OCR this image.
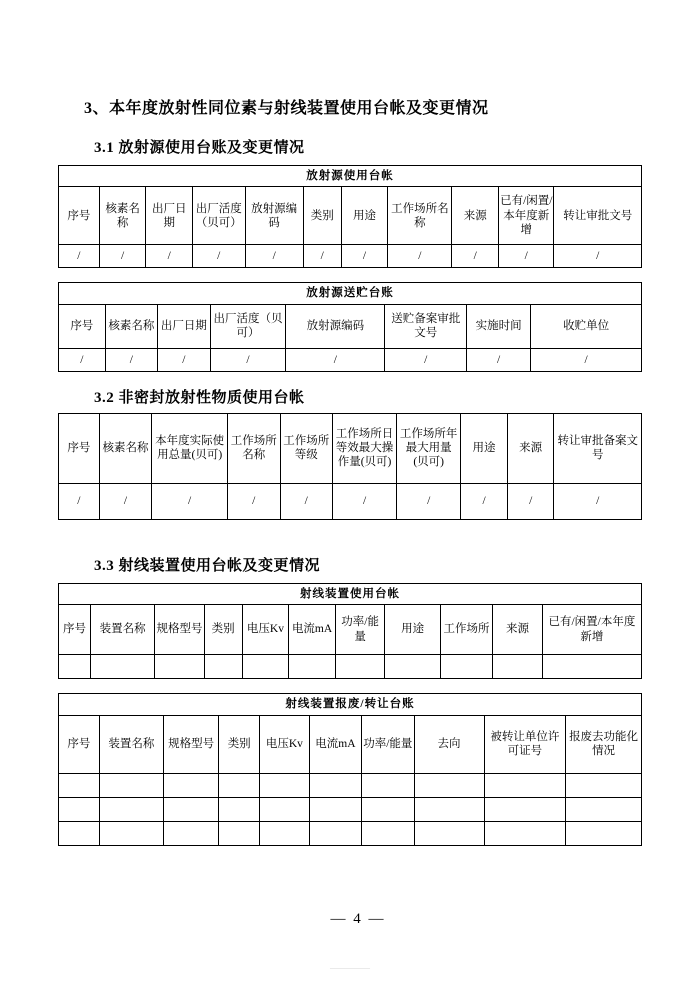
3、本年度放射性同位素与射线装置使用台帐及变更情况
3.1 放射源使用台账及变更情况
放射源使用台帐										
序号	核素名称	出厂日期	出厂活度（贝可）	放射源编码	类别	用途	工作场所名称	来源	已有/闲置/本年度新增	转让审批文号
/	/	/	/	/	/	/	/	/	/	/
放射源送贮台账							
序号	核素名称	出厂日期	出厂活度（贝可）	放射源编码	送贮备案审批文号	实施时间	收贮单位
/	/	/	/	/	/	/	/
3.2 非密封放射性物质使用台帐
序号	核素名称	本年度实际使用总量(贝可)	工作场所名称	工作场所等级	工作场所日等效最大操作量(贝可)	工作场所年最大用量(贝可)	用途	来源	转让审批备案文号
/	/	/	/	/	/	/	/	/	/
3.3 射线装置使用台帐及变更情况
射线装置使用台帐										
序号	装置名称	规格型号	类别	电压Kv	电流mA	功率/能量	用途	工作场所	来源	已有/闲置/本年度新增

射线装置报废/转让台账									
序号	装置名称	规格型号	类别	电压Kv	电流mA	功率/能量	去向	被转让单位许可证号	报废去功能化情况

— 4 —
————
